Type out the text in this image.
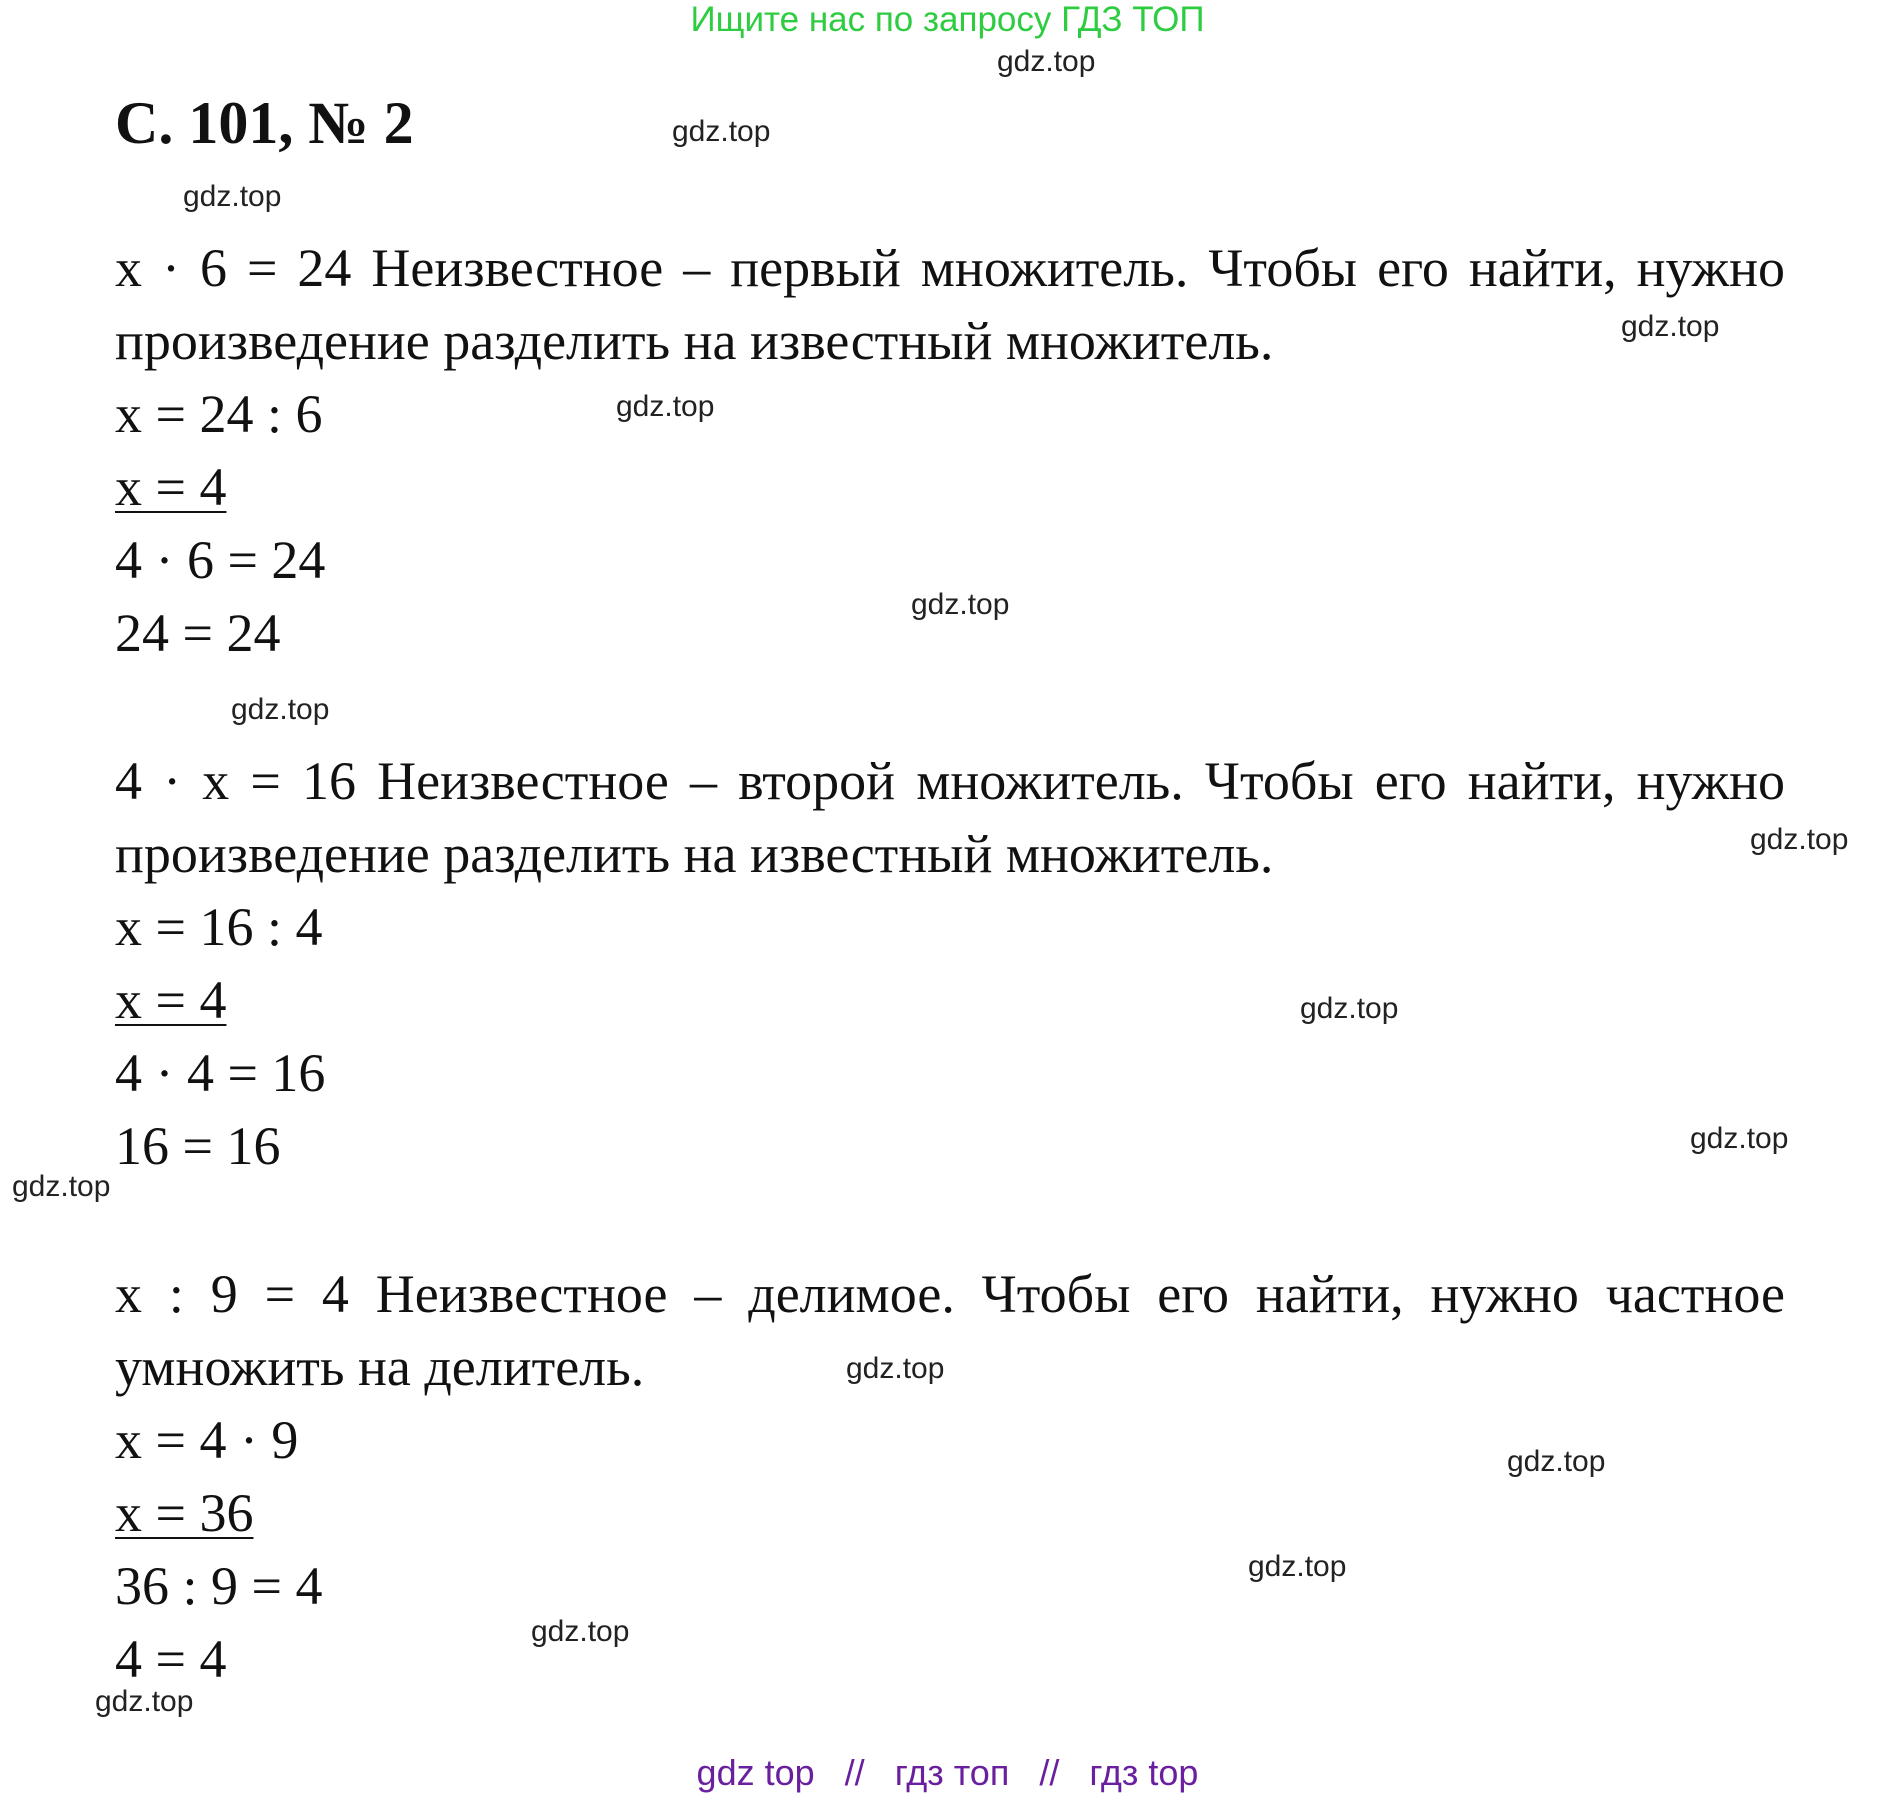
Ищите нас по запросу ГДЗ ТОП
С. 101, № 2

x · 6 = 24 Неизвестное – первый множитель. Чтобы его найти, нужно произведение разделить на известный множитель.

x = 24 : 6
x = 4
4 · 6 = 24
24 = 24

4 · x = 16 Неизвестное – второй множитель. Чтобы его найти, нужно произведение разделить на известный множитель.

x = 16 : 4
x = 4
4 · 4 = 16
16 = 16

x : 9 = 4 Неизвестное – делимое. Чтобы его найти, нужно частное умножить на делитель.

x = 4 · 9
x = 36
36 : 9 = 4
4 = 4
gdz.top
gdz.top
gdz.top
gdz.top
gdz.top
gdz.top
gdz.top
gdz.top
gdz.top
gdz.top
gdz.top
gdz.top
gdz.top
gdz.top
gdz.top
gdz.top
gdz top // гдз топ // гдз top
